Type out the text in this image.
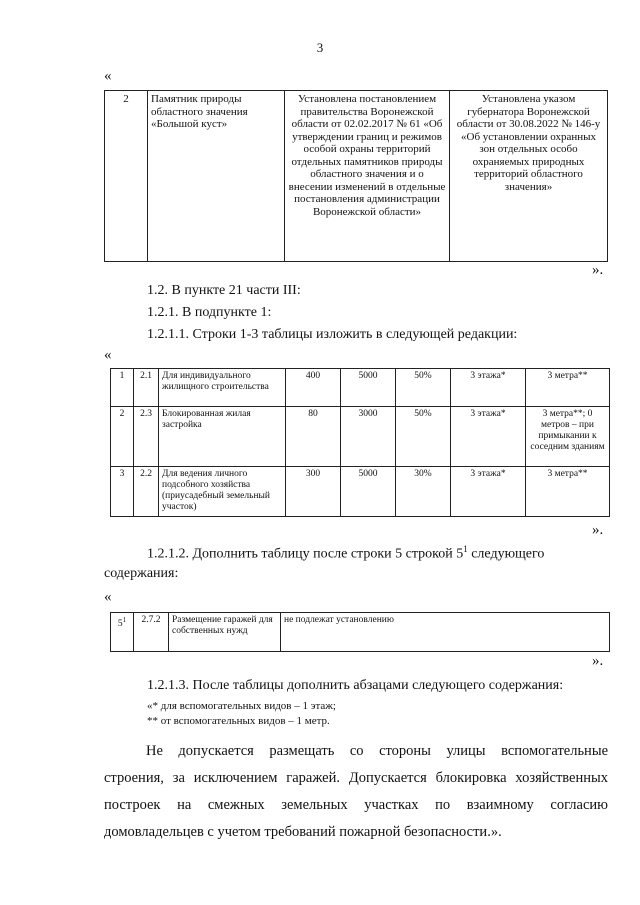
3
«
2	Памятник природы областного значения «Большой куст»	Установлена постановлением правительства Воронежской области от 02.02.2017 № 61 «Об утверждении границ и режимов особой охраны территорий отдельных памятников природы областного значения и о внесении изменений в отдельные постановления администрации Воронежской области»	Установлена указом губернатора Воронежской области от 30.08.2022 № 146-у «Об установлении охранных зон отдельных особо охраняемых природных территорий областного значения»
».
1.2. В пункте 21 части III:
1.2.1. В подпункте 1:
1.2.1.1. Строки 1-3 таблицы изложить в следующей редакции:
«
1	2.1	Для индивидуального жилищного строительства	400	5000	50%	3 этажа*	3 метра**
2	2.3	Блокированная жилая застройка	80	3000	50%	3 этажа*	3 метра**; 0 метров – при примыкании к соседним зданиям
3	2.2	Для ведения личного подсобного хозяйства (приусадебный земельный участок)	300	5000	30%	3 этажа*	3 метра**
».
1.2.1.2. Дополнить таблицу после строки 5 строкой $5^1$ следующего
содержания:
«
$5^1$	2.7.2	Размещение гаражей для собственных нужд	не подлежат установлению
».
1.2.1.3. После таблицы дополнить абзацами следующего содержания:
«* для вспомогательных видов – 1 этаж;
** от вспомогательных видов – 1 метр.
Не допускается размещать со стороны улицы вспомогательные
строения, за исключением гаражей. Допускается блокировка хозяйственных
построек на смежных земельных участках по взаимному согласию
домовладельцев с учетом требований пожарной безопасности.».
